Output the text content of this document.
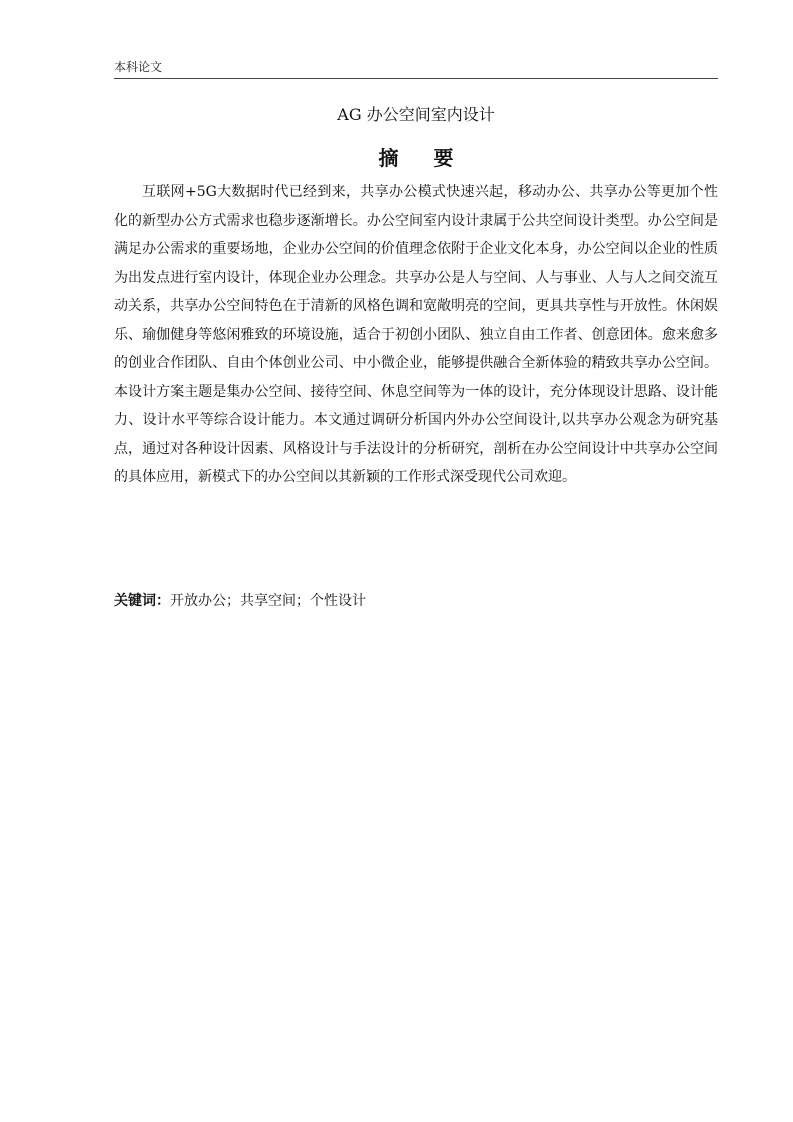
本科论文
AG 办公空间室内设计
摘 要

互联网+5G大数据时代已经到来，共享办公模式快速兴起，移动办公、共享办公等更加个性化的新型办公方式需求也稳步逐渐增长。办公空间室内设计隶属于公共空间设计类型。办公空间是满足办公需求的重要场地，企业办公空间的价值理念依附于企业文化本身，办公空间以企业的性质为出发点进行室内设计，体现企业办公理念。共享办公是人与空间、人与事业、人与人之间交流互动关系，共享办公空间特色在于清新的风格色调和宽敞明亮的空间，更具共享性与开放性。休闲娱乐、瑜伽健身等悠闲雅致的环境设施，适合于初创小团队、独立自由工作者、创意团体。愈来愈多的创业合作团队、自由个体创业公司、中小微企业，能够提供融合全新体验的精致共享办公空间。本设计方案主题是集办公空间、接待空间、休息空间等为一体的设计，充分体现设计思路、设计能力、设计水平等综合设计能力。本文通过调研分析国内外办公空间设计,以共享办公观念为研究基点，通过对各种设计因素、风格设计与手法设计的分析研究，剖析在办公空间设计中共享办公空间的具体应用，新模式下的办公空间以其新颖的工作形式深受现代公司欢迎。

关键词：开放办公；共享空间；个性设计
